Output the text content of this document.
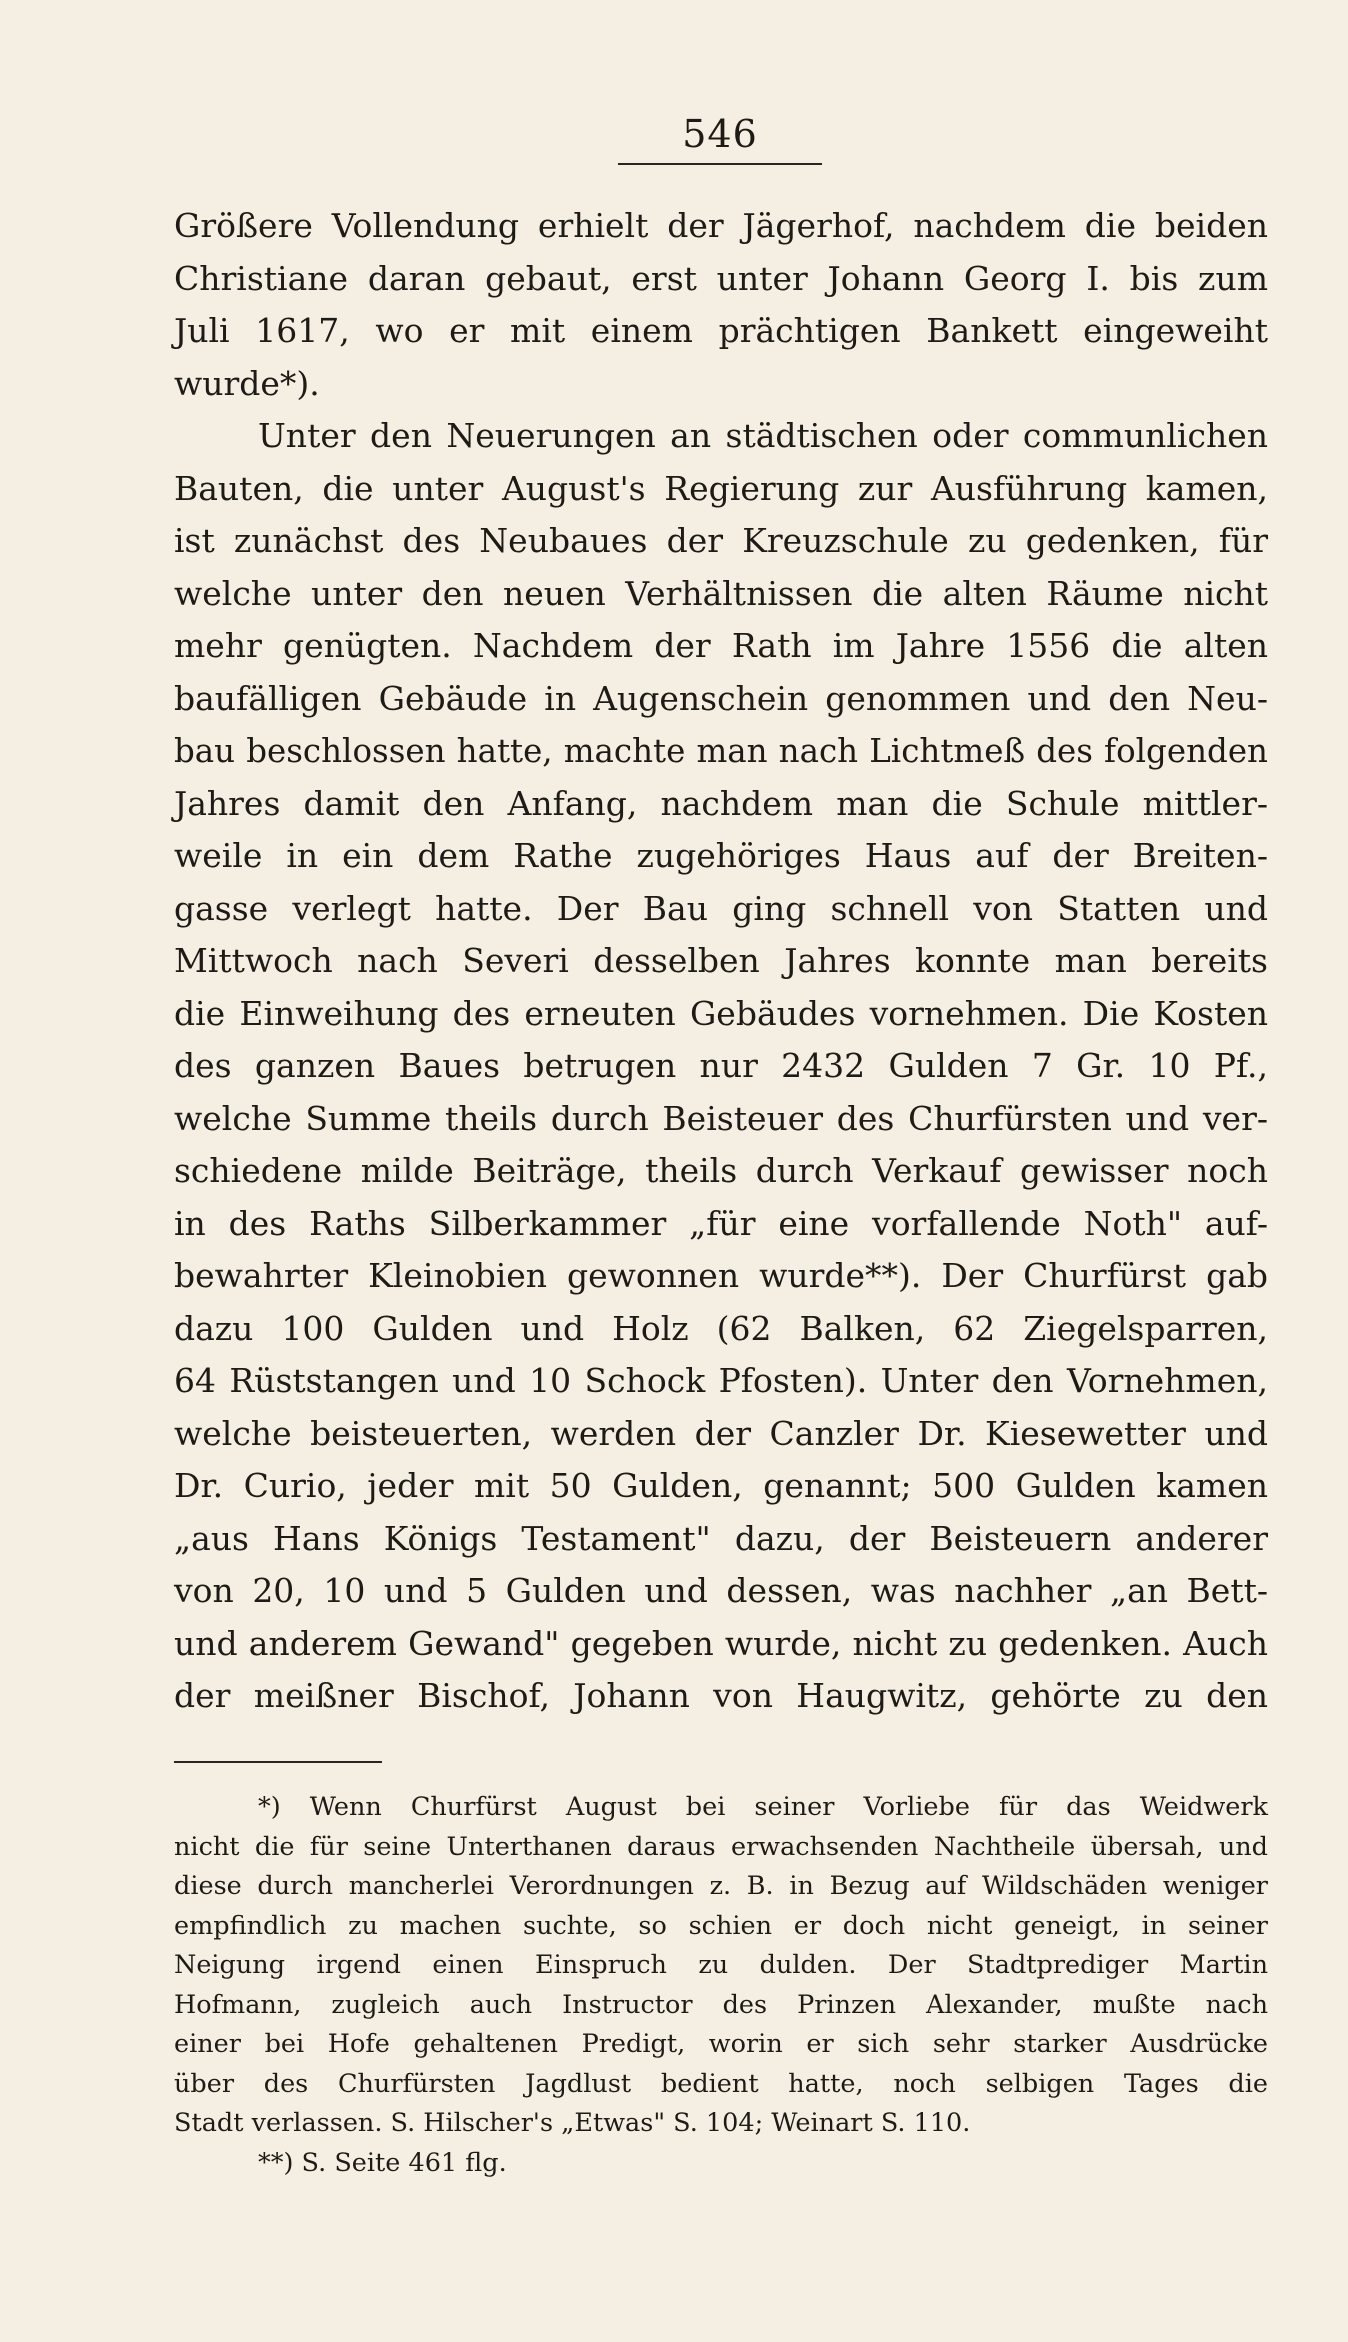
546
Größere Vollendung erhielt der Jägerhof, nachdem die beiden
Christiane daran gebaut, erst unter Johann Georg I. bis zum
Juli 1617, wo er mit einem prächtigen Bankett eingeweiht
wurde*).
Unter den Neuerungen an städtischen oder communlichen
Bauten, die unter August's Regierung zur Ausführung kamen,
ist zunächst des Neubaues der Kreuzschule zu gedenken, für
welche unter den neuen Verhältnissen die alten Räume nicht
mehr genügten. Nachdem der Rath im Jahre 1556 die alten
baufälligen Gebäude in Augenschein genommen und den Neu-
bau beschlossen hatte, machte man nach Lichtmeß des folgenden
Jahres damit den Anfang, nachdem man die Schule mittler-
weile in ein dem Rathe zugehöriges Haus auf der Breiten-
gasse verlegt hatte. Der Bau ging schnell von Statten und
Mittwoch nach Severi desselben Jahres konnte man bereits
die Einweihung des erneuten Gebäudes vornehmen. Die Kosten
des ganzen Baues betrugen nur 2432 Gulden 7 Gr. 10 Pf.,
welche Summe theils durch Beisteuer des Churfürsten und ver-
schiedene milde Beiträge, theils durch Verkauf gewisser noch
in des Raths Silberkammer „für eine vorfallende Noth" auf-
bewahrter Kleinobien gewonnen wurde**). Der Churfürst gab
dazu 100 Gulden und Holz (62 Balken, 62 Ziegelsparren,
64 Rüststangen und 10 Schock Pfosten). Unter den Vornehmen,
welche beisteuerten, werden der Canzler Dr. Kiesewetter und
Dr. Curio, jeder mit 50 Gulden, genannt; 500 Gulden kamen
„aus Hans Königs Testament" dazu, der Beisteuern anderer
von 20, 10 und 5 Gulden und dessen, was nachher „an Bett-
und anderem Gewand" gegeben wurde, nicht zu gedenken. Auch
der meißner Bischof, Johann von Haugwitz, gehörte zu den
*) Wenn Churfürst August bei seiner Vorliebe für das Weidwerk
nicht die für seine Unterthanen daraus erwachsenden Nachtheile übersah, und
diese durch mancherlei Verordnungen z. B. in Bezug auf Wildschäden weniger
empfindlich zu machen suchte, so schien er doch nicht geneigt, in seiner
Neigung irgend einen Einspruch zu dulden. Der Stadtprediger Martin
Hofmann, zugleich auch Instructor des Prinzen Alexander, mußte nach
einer bei Hofe gehaltenen Predigt, worin er sich sehr starker Ausdrücke
über des Churfürsten Jagdlust bedient hatte, noch selbigen Tages die
Stadt verlassen. S. Hilscher's „Etwas" S. 104; Weinart S. 110.
**) S. Seite 461 flg.
